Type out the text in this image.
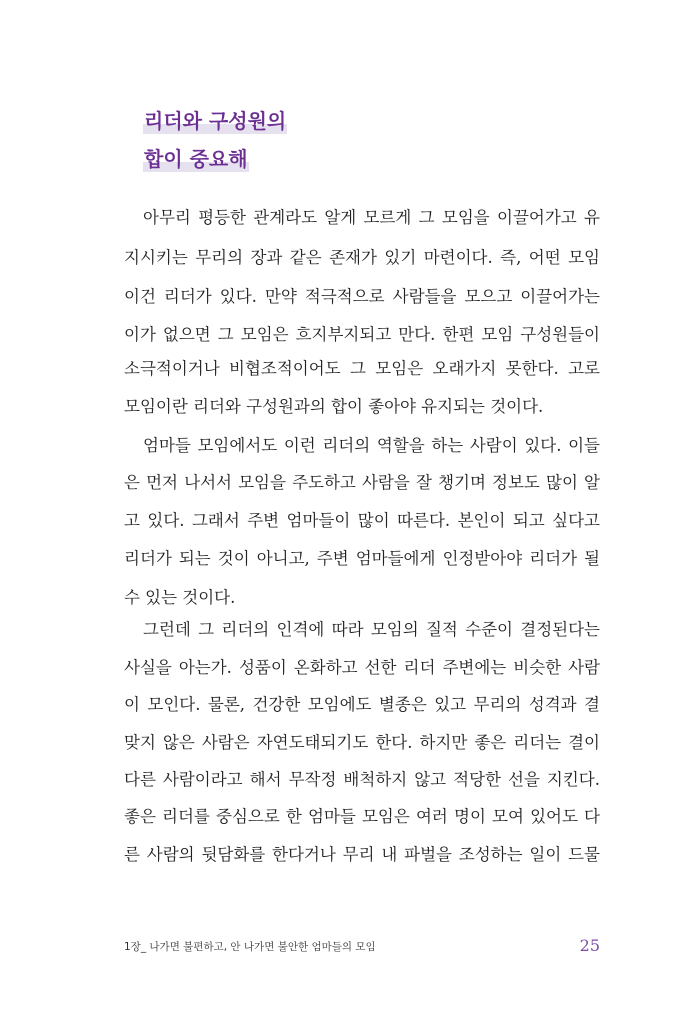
리더와 구성원의
합이 중요해
아무리 평등한 관계라도 알게 모르게 그 모임을 이끌어가고 유
지시키는 무리의 장과 같은 존재가 있기 마련이다. 즉, 어떤 모임
이건 리더가 있다. 만약 적극적으로 사람들을 모으고 이끌어가는
이가 없으면 그 모임은 흐지부지되고 만다. 한편 모임 구성원들이
소극적이거나 비협조적이어도 그 모임은 오래가지 못한다. 고로
모임이란 리더와 구성원과의 합이 좋아야 유지되는 것이다.
엄마들 모임에서도 이런 리더의 역할을 하는 사람이 있다. 이들
은 먼저 나서서 모임을 주도하고 사람을 잘 챙기며 정보도 많이 알
고 있다. 그래서 주변 엄마들이 많이 따른다. 본인이 되고 싶다고
리더가 되는 것이 아니고, 주변 엄마들에게 인정받아야 리더가 될
수 있는 것이다.
그런데 그 리더의 인격에 따라 모임의 질적 수준이 결정된다는
사실을 아는가. 성품이 온화하고 선한 리더 주변에는 비슷한 사람
이 모인다. 물론, 건강한 모임에도 별종은 있고 무리의 성격과 결
맞지 않은 사람은 자연도태되기도 한다. 하지만 좋은 리더는 결이
다른 사람이라고 해서 무작정 배척하지 않고 적당한 선을 지킨다.
좋은 리더를 중심으로 한 엄마들 모임은 여러 명이 모여 있어도 다
른 사람의 뒷담화를 한다거나 무리 내 파벌을 조성하는 일이 드물
1장_ 나가면 불편하고, 안 나가면 불안한 엄마들의 모임	25
